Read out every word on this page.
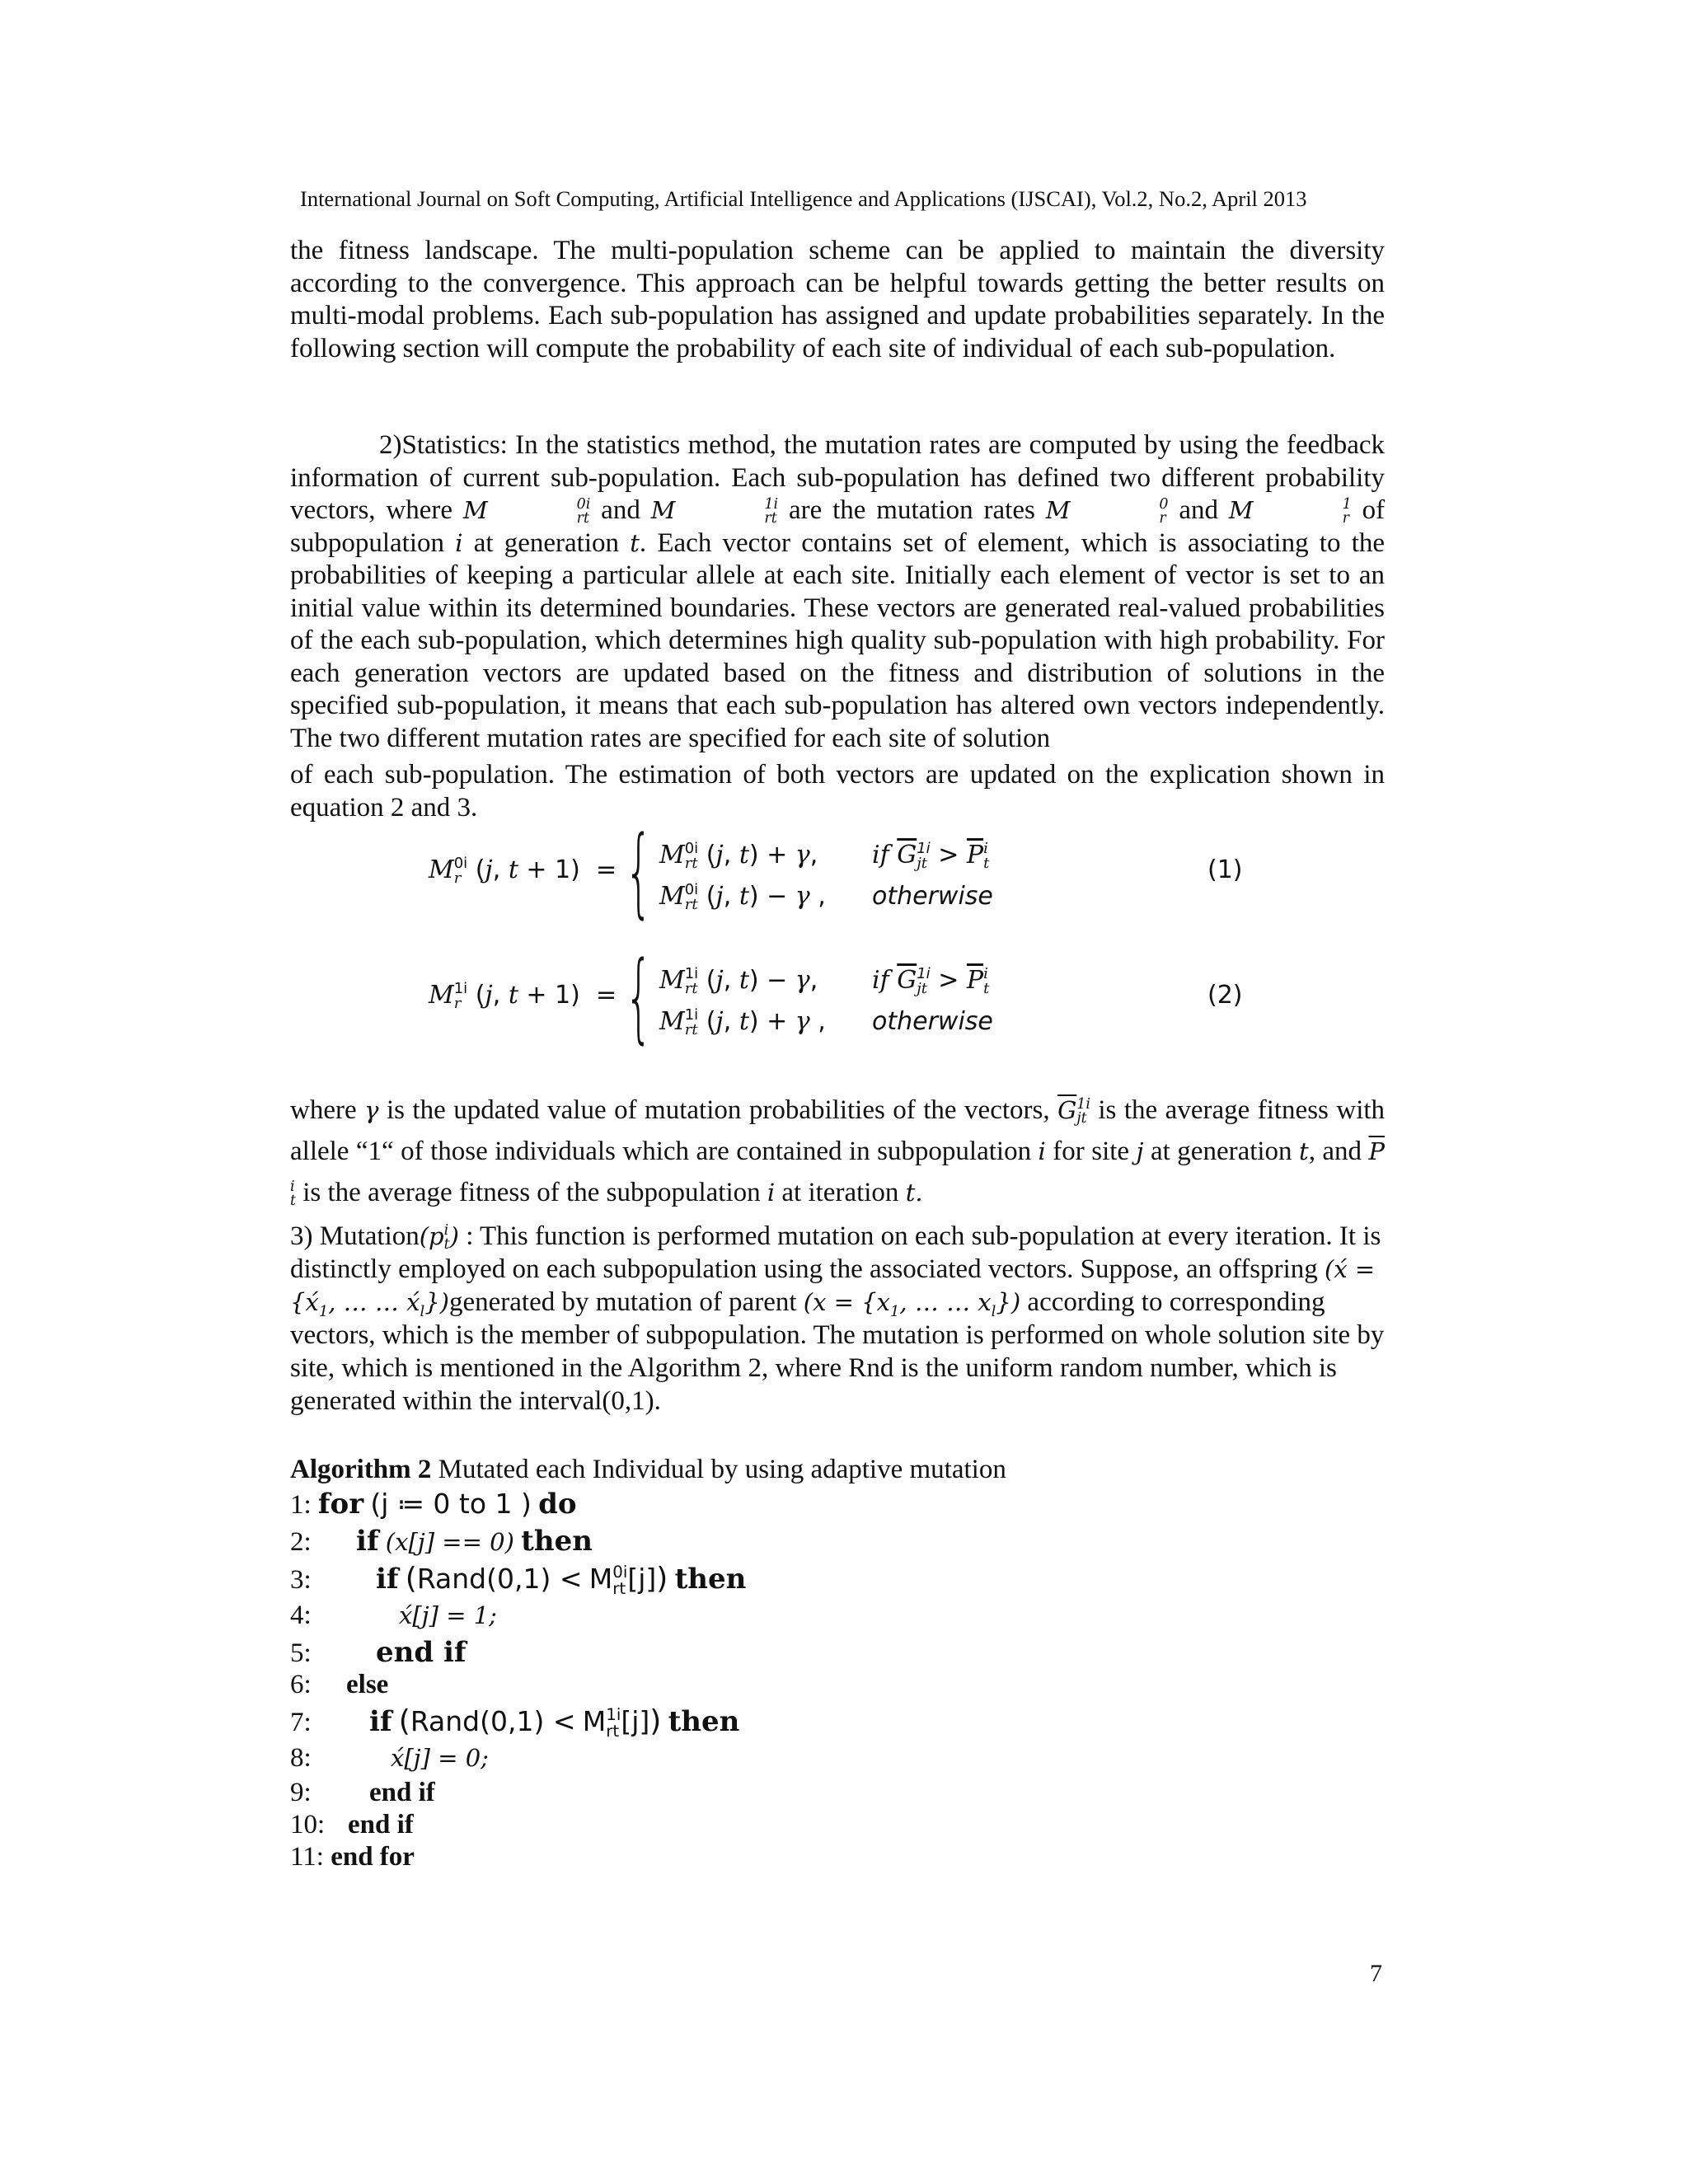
International Journal on Soft Computing, Artificial Intelligence and Applications (IJSCAI), Vol.2, No.2, April 2013

the fitness landscape. The multi-population scheme can be applied to maintain the diversity according to the convergence. This approach can be helpful towards getting the better results on multi-modal problems. Each sub-population has assigned and update probabilities separately. In the following section will compute the probability of each site of individual of each sub-population.

2)Statistics: In the statistics method, the mutation rates are computed by using the feedback information of current sub-population. Each sub-population has defined two different probability vectors, where M	0i
rt and M	1i
rt are the mutation rates M	0
r and M	1
r of subpopulation i at generation t. Each vector contains set of element, which is associating to the probabilities of keeping a particular allele at each site. Initially each element of vector is set to an initial value within its determined boundaries. These vectors are generated real-valued probabilities of the each sub-population, which determines high quality sub-population with high probability. For each generation vectors are updated based on the fitness and distribution of solutions in the specified sub-population, it means that each sub-population has altered own vectors independently. The two different mutation rates are specified for each site of solution

of each sub-population. The estimation of both vectors are updated on the explication shown in equation 2 and 3.

M 0i
r (j, t + 1)  = { M 0i
rt (j, t) + γ, if $\overline{G}$ 1i
jt > $\overline{P}$ i
t
M 0i
rt (j, t) − γ , otherwise
(1)
M 1i
r (j, t + 1)  = { M 1i
rt (j, t) − γ, if $\overline{G}$ 1i
jt > $\overline{P}$ i
t
M 1i
rt (j, t) + γ , otherwise
(2)

where γ is the updated value of mutation probabilities of the vectors, $\overline{G}$ 1i
jt is the average fitness with allele “1“ of those individuals which are contained in subpopulation i for site j at generation t, and $\overline{P}$
i
t is the average fitness of the subpopulation i at iteration t.

3) Mutation(p i
t ) : This function is performed mutation on each sub-population at every iteration. It is distinctly employed on each subpopulation using the associated vectors. Suppose, an offspring (x́ = {$x́_1$, … … $x́_l\})generated$ by mutation of parent ($x = \{x_1$, … … $x_l$}) according to corresponding vectors, which is the member of subpopulation. The mutation is performed on whole solution site by site, which is mentioned in the Algorithm 2, where Rnd is the uniform random number, which is generated within the interval(0,1).

Algorithm 2 Mutated each Individual by using adaptive mutation
1: for (j ≔ 0 to 1 ) do
2: if (x[j] == 0) then
3: if (Rand(0,1) < M 0i
rt [j]) then
4:	x́[j] = 1;
5: end if
6: else
7: if (Rand(0,1) < M 1i
rt [j]) then
8:	x́[j] = 0;
9: end if
10: end if
11: end for
7
